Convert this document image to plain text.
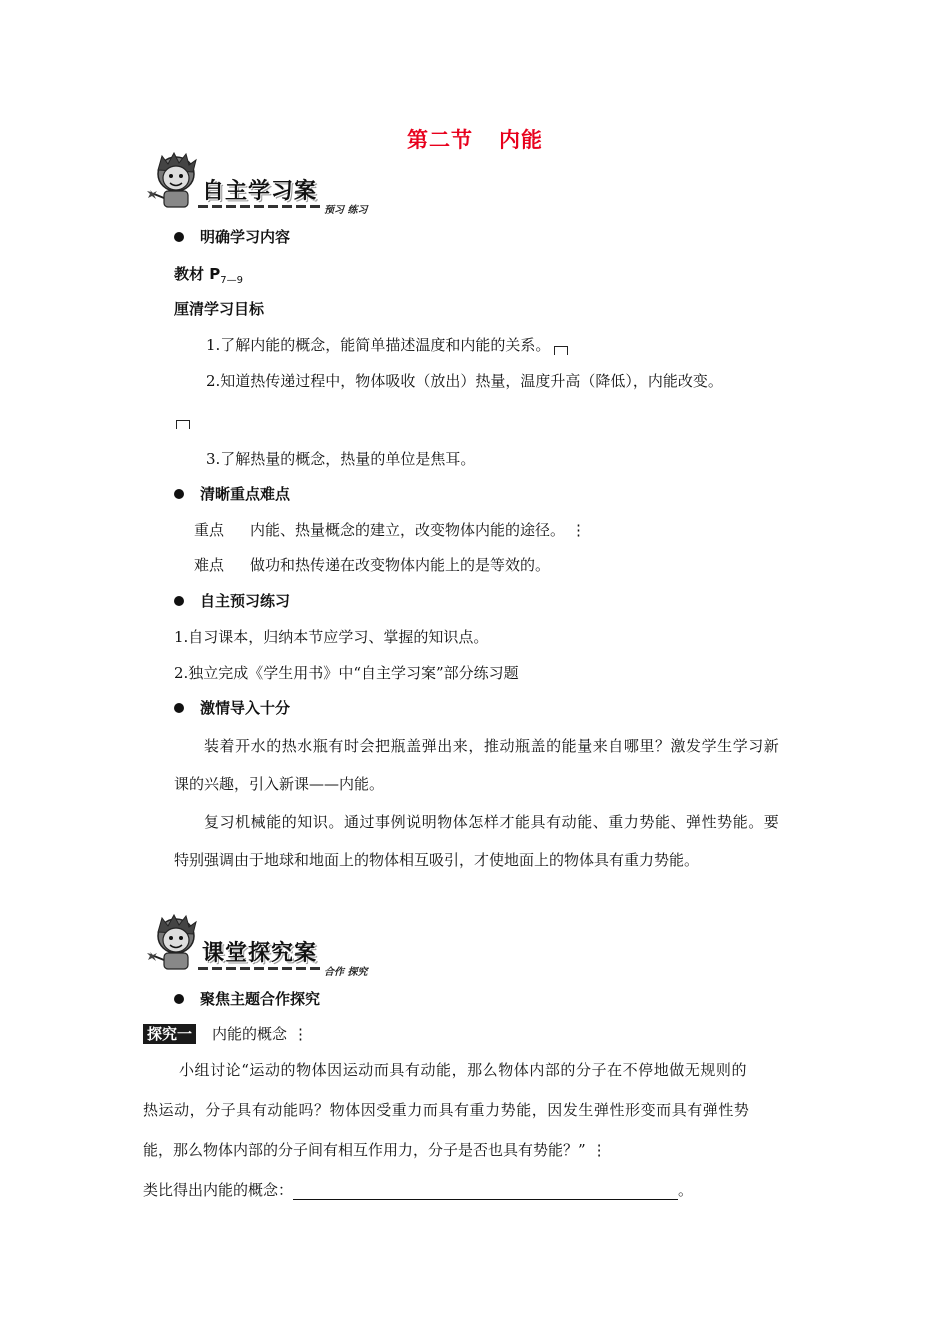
第二节 内能
自主学习案
预习 练习
明确学习内容
教材 $P_{7—9}$
厘清学习目标
1.了解内能的概念，能简单描述温度和内能的关系。
2.知道热传递过程中，物体吸收（放出）热量，温度升高（降低），内能改变。
3.了解热量的概念，热量的单位是焦耳。
清晰重点难点
重点 内能、热量概念的建立，改变物体内能的途径。 ⋮
难点 做功和热传递在改变物体内能上的是等效的。
自主预习练习
1.自习课本，归纳本节应学习、掌握的知识点。
2.独立完成《学生用书》中“自主学习案”部分练习题
激情导入十分
装着开水的热水瓶有时会把瓶盖弹出来，推动瓶盖的能量来自哪里？激发学生学习新
课的兴趣，引入新课——内能。
复习机械能的知识。通过事例说明物体怎样才能具有动能、重力势能、弹性势能。要
特别强调由于地球和地面上的物体相互吸引，才使地面上的物体具有重力势能。
课堂探究案
合作 探究
聚焦主题合作探究
探究一 内能的概念 ⋮
小组讨论“运动的物体因运动而具有动能，那么物体内部的分子在不停地做无规则的
热运动，分子具有动能吗？物体因受重力而具有重力势能，因发生弹性形变而具有弹性势
能，那么物体内部的分子间有相互作用力，分子是否也具有势能？” ⋮
类比得出内能的概念：	。
